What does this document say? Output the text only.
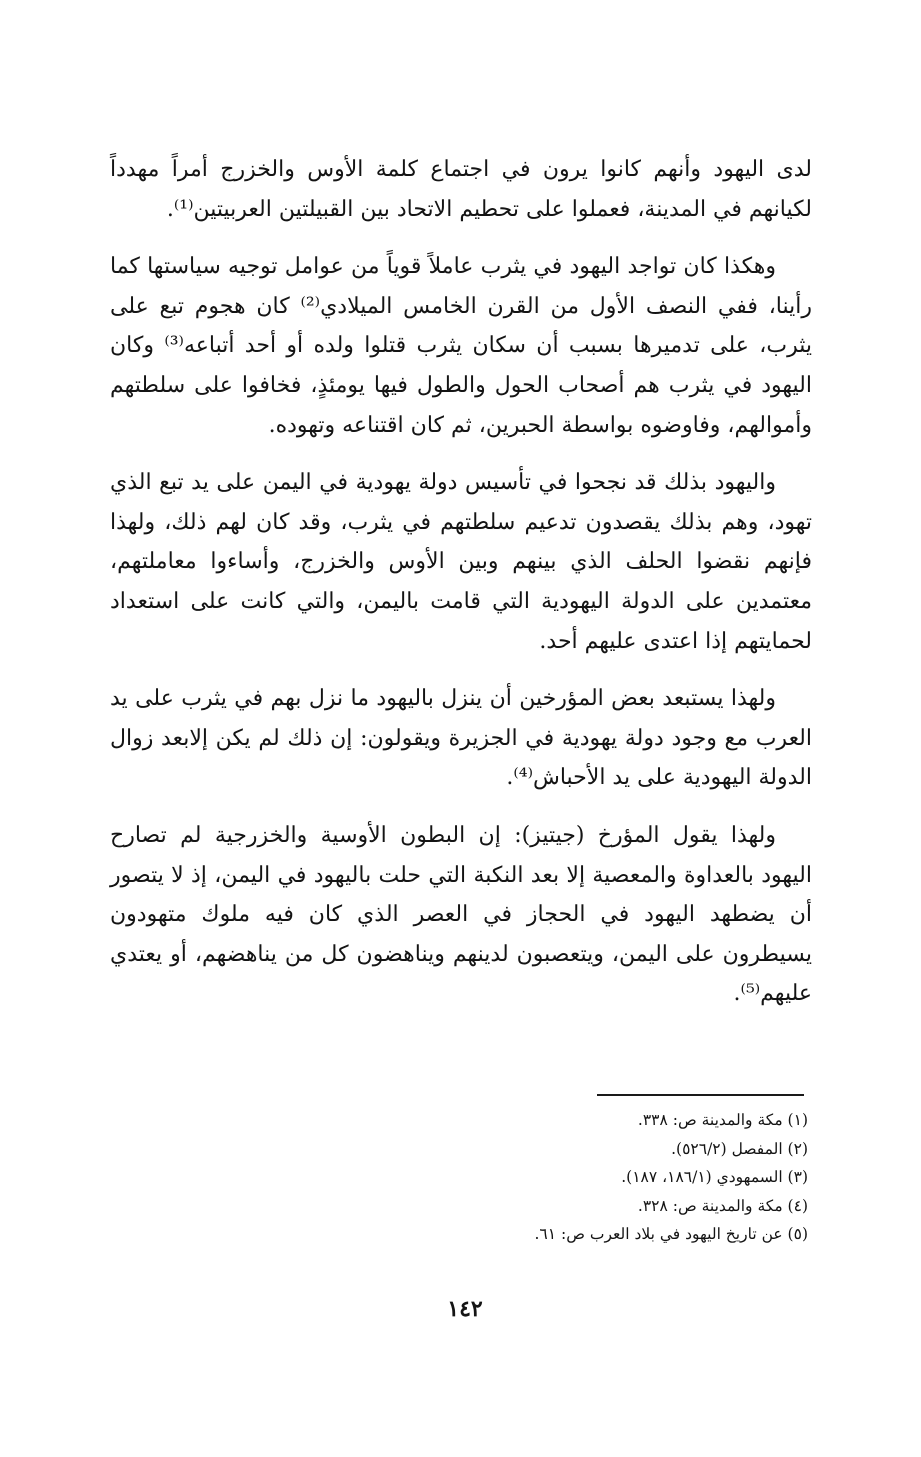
لدى اليهود وأنهم كانوا يرون في اجتماع كلمة الأوس والخزرج أمراً مهدداً لكيانهم في المدينة، فعملوا على تحطيم الاتحاد بين القبيلتين العربيتين⁽¹⁾.

وهكذا كان تواجد اليهود في يثرب عاملاً قوياً من عوامل توجيه سياستها كما رأينا، ففي النصف الأول من القرن الخامس الميلادي⁽²⁾ كان هجوم تبع على يثرب، على تدميرها بسبب أن سكان يثرب قتلوا ولده أو أحد أتباعه⁽³⁾ وكان اليهود في يثرب هم أصحاب الحول والطول فيها يومئذٍ، فخافوا على سلطتهم وأموالهم، وفاوضوه بواسطة الحبرين، ثم كان اقتناعه وتهوده.

واليهود بذلك قد نجحوا في تأسيس دولة يهودية في اليمن على يد تبع الذي تهود، وهم بذلك يقصدون تدعيم سلطتهم في يثرب، وقد كان لهم ذلك، ولهذا فإنهم نقضوا الحلف الذي بينهم وبين الأوس والخزرج، وأساءوا معاملتهم، معتمدين على الدولة اليهودية التي قامت باليمن، والتي كانت على استعداد لحمايتهم إذا اعتدى عليهم أحد.

ولهذا يستبعد بعض المؤرخين أن ينزل باليهود ما نزل بهم في يثرب على يد العرب مع وجود دولة يهودية في الجزيرة ويقولون: إن ذلك لم يكن إلابعد زوال الدولة اليهودية على يد الأحباش⁽⁴⁾.

ولهذا يقول المؤرخ (جيتيز): إن البطون الأوسية والخزرجية لم تصارح اليهود بالعداوة والمعصية إلا بعد النكبة التي حلت باليهود في اليمن، إذ لا يتصور أن يضطهد اليهود في الحجاز في العصر الذي كان فيه ملوك متهودون يسيطرون على اليمن، ويتعصبون لدينهم ويناهضون كل من يناهضهم، أو يعتدي عليهم⁽⁵⁾.

(١) مكة والمدينة ص: ٣٣٨.

(٢) المفصل (٥٢٦/٢).

(٣) السمهودي (١٨٦/١، ١٨٧).

(٤) مكة والمدينة ص: ٣٢٨.

(٥) عن تاريخ اليهود في بلاد العرب ص: ٦١.

١٤٢
